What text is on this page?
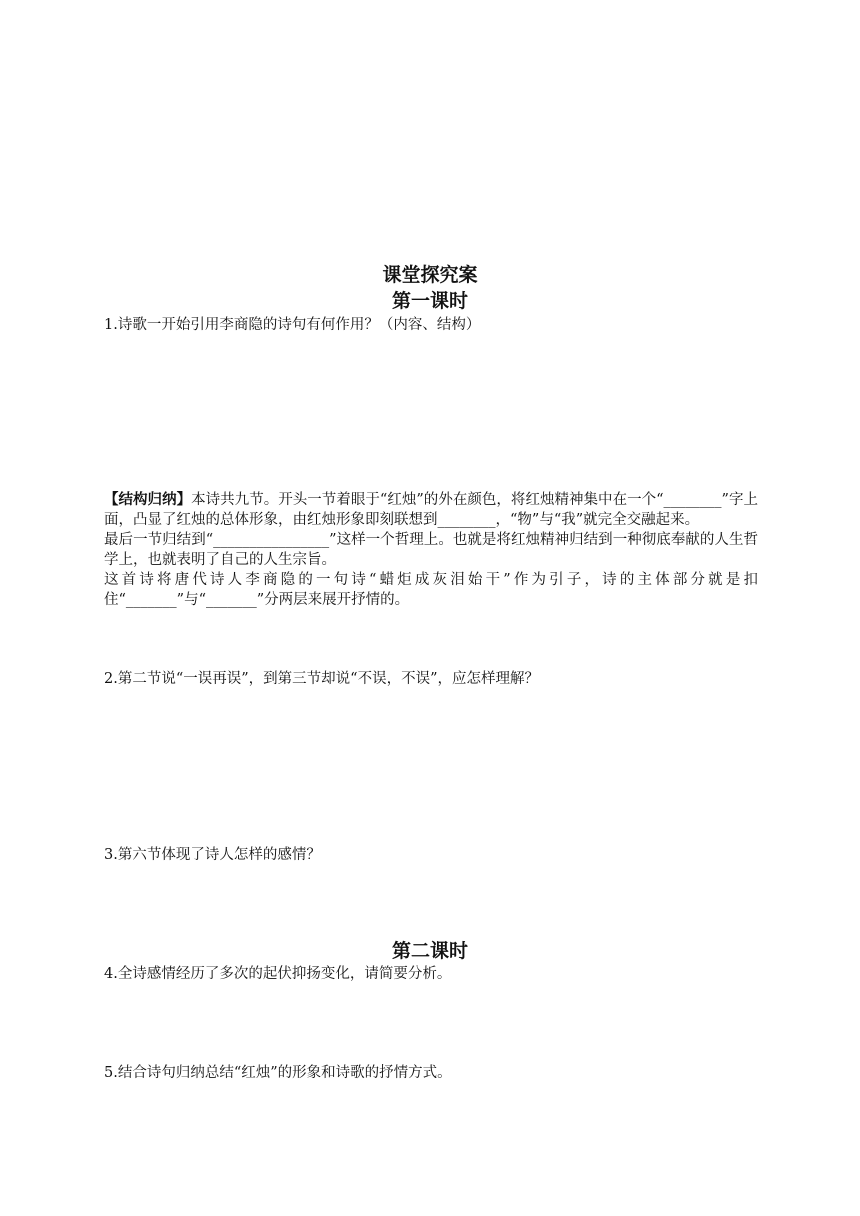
课堂探究案
第一课时
1.诗歌一开始引用李商隐的诗句有何作用？（内容、结构）

【结构归纳】本诗共九节。开头一节着眼于“红烛”的外在颜色，将红烛精神集中在一个“________”字上面，凸显了红烛的总体形象，由红烛形象即刻联想到________，“物”与“我”就完全交融起来。

最后一节归结到“________________”这样一个哲理上。也就是将红烛精神归结到一种彻底奉献的人生哲学上，也就表明了自己的人生宗旨。

这首诗将唐代诗人李商隐的一句诗“蜡炬成灰泪始干”作为引子，诗的主体部分就是扣住“_______”与“_______”分两层来展开抒情的。

2.第二节说“一误再误”，到第三节却说“不误，不误”，应怎样理解？
3.第六节体现了诗人怎样的感情？
第二课时
4.全诗感情经历了多次的起伏抑扬变化，请简要分析。
5.结合诗句归纳总结“红烛”的形象和诗歌的抒情方式。
